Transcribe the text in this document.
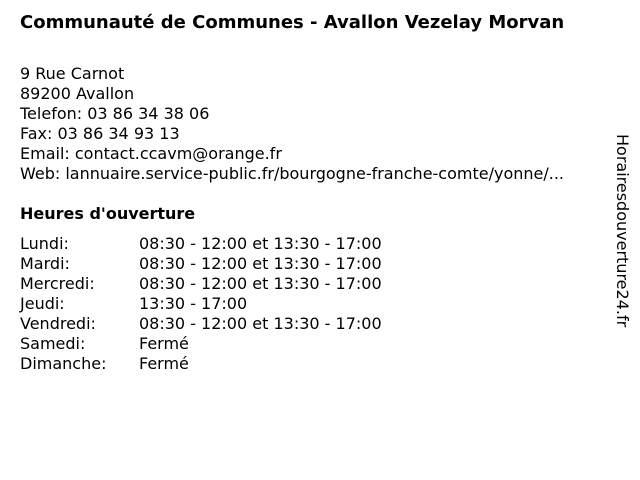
Communauté de Communes - Avallon Vezelay Morvan
9 Rue Carnot
89200 Avallon
Telefon: 03 86 34 38 06
Fax: 03 86 34 93 13
Email: contact.ccavm@orange.fr
Web: lannuaire.service-public.fr/bourgogne-franche-comte/yonne/...
Heures d'ouverture
Lundi:	08:30 - 12:00 et 13:30 - 17:00
Mardi:	08:30 - 12:00 et 13:30 - 17:00
Mercredi:	08:30 - 12:00 et 13:30 - 17:00
Jeudi:	13:30 - 17:00
Vendredi:	08:30 - 12:00 et 13:30 - 17:00
Samedi:	Fermé
Dimanche:	Fermé
Horairesdouverture24.fr
